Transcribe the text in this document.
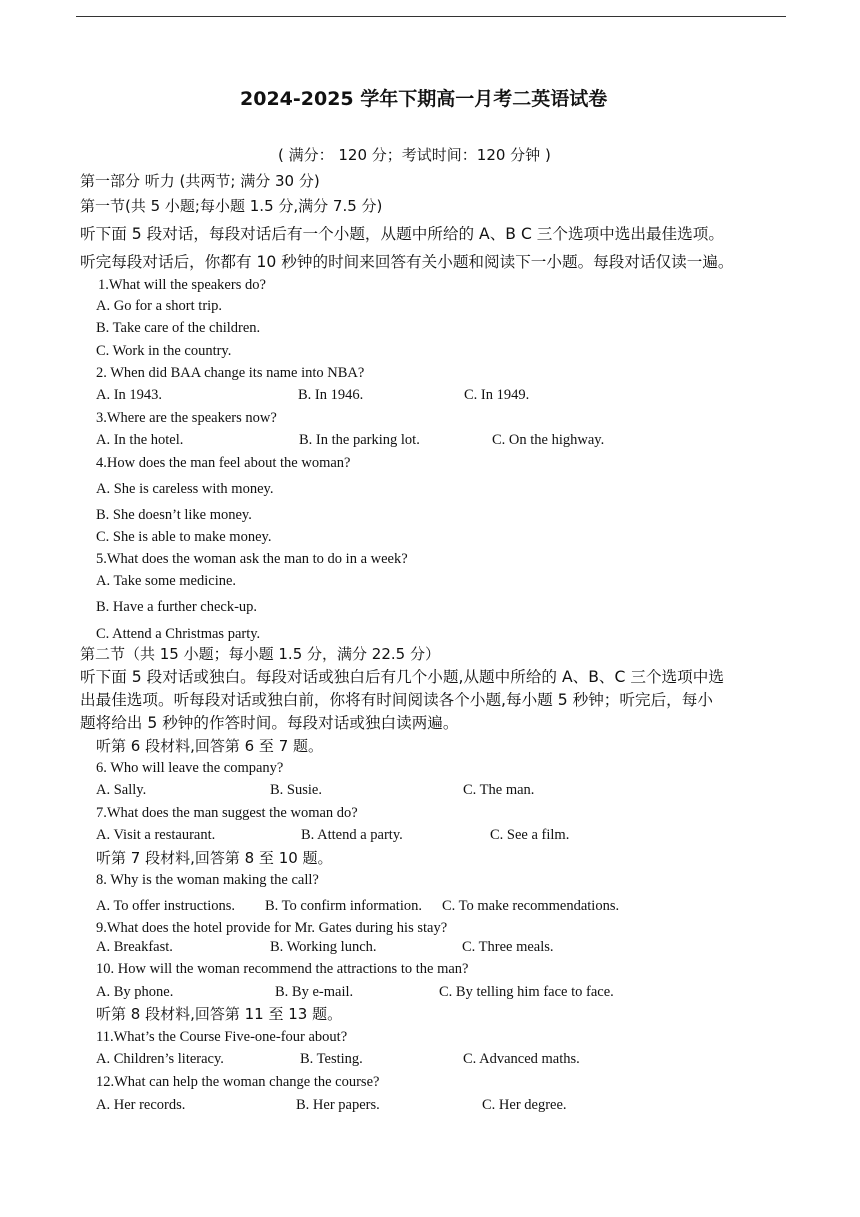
2024-2025 学年下期高一月考二英语试卷
( 满分： 120 分；考试时间：120 分钟 )
第一部分 听力 (共两节; 满分 30 分)
第一节(共 5 小题;每小题 1.5 分,满分 7.5 分)
听下面 5 段对话，每段对话后有一个小题，从题中所给的 A、B C 三个选项中选出最佳选项。
听完每段对话后，你都有 10 秒钟的时间来回答有关小题和阅读下一小题。每段对话仅读一遍。
1.What will the speakers do?
A. Go for a short trip.
B. Take care of the children.
C. Work in the country.
2. When did BAA change its name into NBA?
A. In 1943.	B. In 1946.	C. In 1949.
3.Where are the speakers now?
A. In the hotel.	B. In the parking lot.	C. On the highway.
4.How does the man feel about the woman?
A. She is careless with money.
B. She doesn’t like money.
C. She is able to make money.
5.What does the woman ask the man to do in a week?
A. Take some medicine.
B. Have a further check-up.
C. Attend a Christmas party.
第二节（共 15 小题；每小题 1.5 分，满分 22.5 分）
听下面 5 段对话或独白。每段对话或独白后有几个小题,从题中所给的 A、B、C 三个选项中选
出最佳选项。听每段对话或独白前，你将有时间阅读各个小题,每小题 5 秒钟；听完后，每小
题将给出 5 秒钟的作答时间。每段对话或独白读两遍。
听第 6 段材料,回答第 6 至 7 题。
6. Who will leave the company?
A. Sally.	B. Susie.	C. The man.
7.What does the man suggest the woman do?
A. Visit a restaurant.	B. Attend a party.	C. See a film.
听第 7 段材料,回答第 8 至 10 题。
8. Why is the woman making the call?
A. To offer instructions. B. To confirm information. C. To make recommendations.
9.What does the hotel provide for Mr. Gates during his stay?
A. Breakfast.	B. Working lunch.	C. Three meals.
10. How will the woman recommend the attractions to the man?
A. By phone.	B. By e-mail.	C. By telling him face to face.
听第 8 段材料,回答第 11 至 13 题。
11.What’s the Course Five-one-four about?
A. Children’s literacy.	B. Testing.	C. Advanced maths.
12.What can help the woman change the course?
A. Her records.	B. Her papers.	C. Her degree.
